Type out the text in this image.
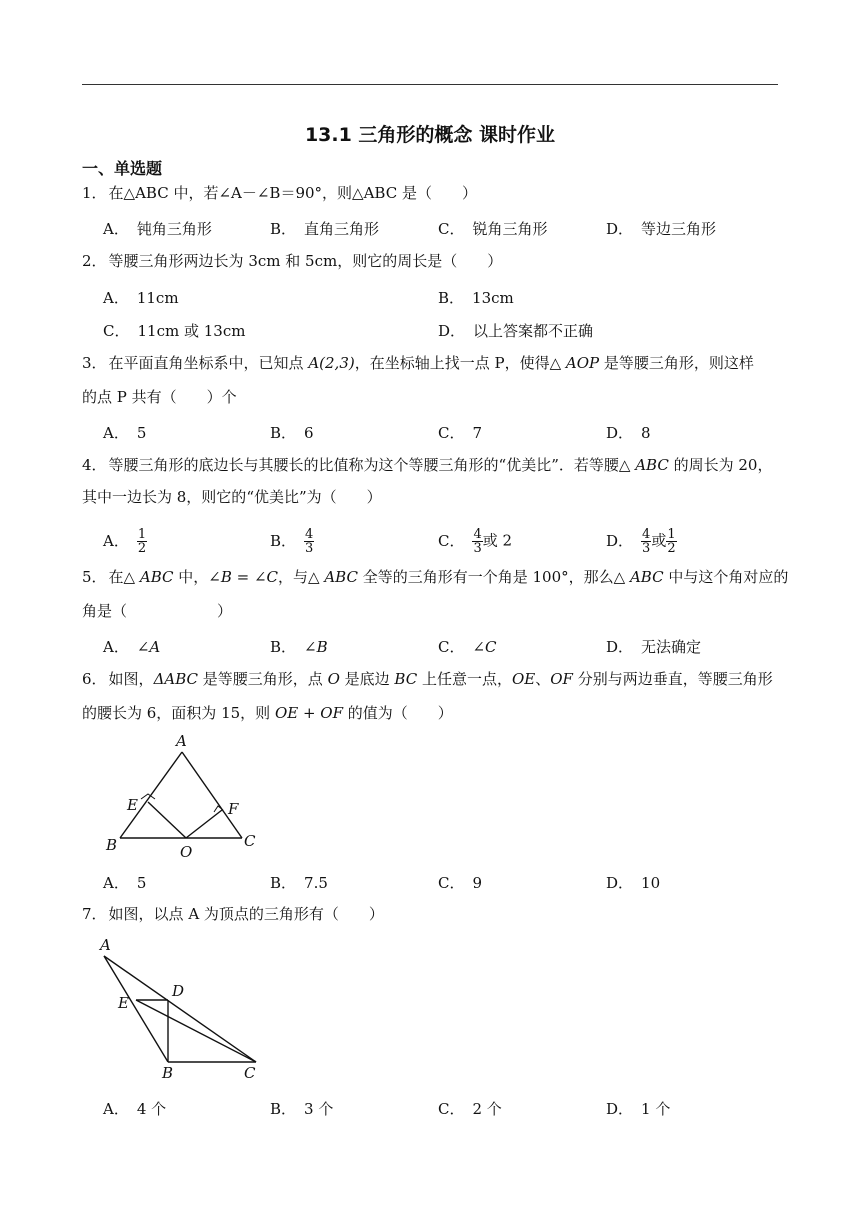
13.1 三角形的概念 课时作业
一、单选题
1． 在△ABC 中，若∠A－∠B＝90°，则△ABC 是（　　）
A． 钝角三角形	B． 直角三角形	C． 锐角三角形	D． 等边三角形
2． 等腰三角形两边长为 3cm 和 5cm，则它的周长是（　　）
A． 11cm	B． 13cm
C． 11cm 或 13cm	D． 以上答案都不正确
3． 在平面直角坐标系中，已知点 A(2,3)，在坐标轴上找一点 P，使得△ AOP 是等腰三角形，则这样
的点 P 共有（　　）个
A． 5	B． 6	C． 7	D． 8
4． 等腰三角形的底边长与其腰长的比值称为这个等腰三角形的“优美比”．若等腰△ ABC 的周长为 20，
其中一边长为 8，则它的“优美比”为（　　）
A． $\frac{1}{2}$	B． $\frac{4}{3}$	C． $\frac{4}{3}$ 或 2	D． $\frac{4}{3}$ 或 $\frac{1}{2}$
5． 在△ ABC 中，∠B = ∠C，与△ ABC 全等的三角形有一个角是 100°，那么△ ABC 中与这个角对应的
角是（　　　　　　）
A． ∠A	B． ∠B	C． ∠C	D． 无法确定
6． 如图，ΔABC 是等腰三角形，点 O 是底边 BC 上任意一点，OE、OF 分别与两边垂直，等腰三角形
的腰长为 6，面积为 15，则 OE + OF 的值为（　　）
A
B	C
E	F
O
A． 5	B． 7.5	C． 9	D． 10
7． 如图，以点 A 为顶点的三角形有（　　）
A
B	C
D
E
A． 4 个	B． 3 个	C． 2 个	D． 1 个
